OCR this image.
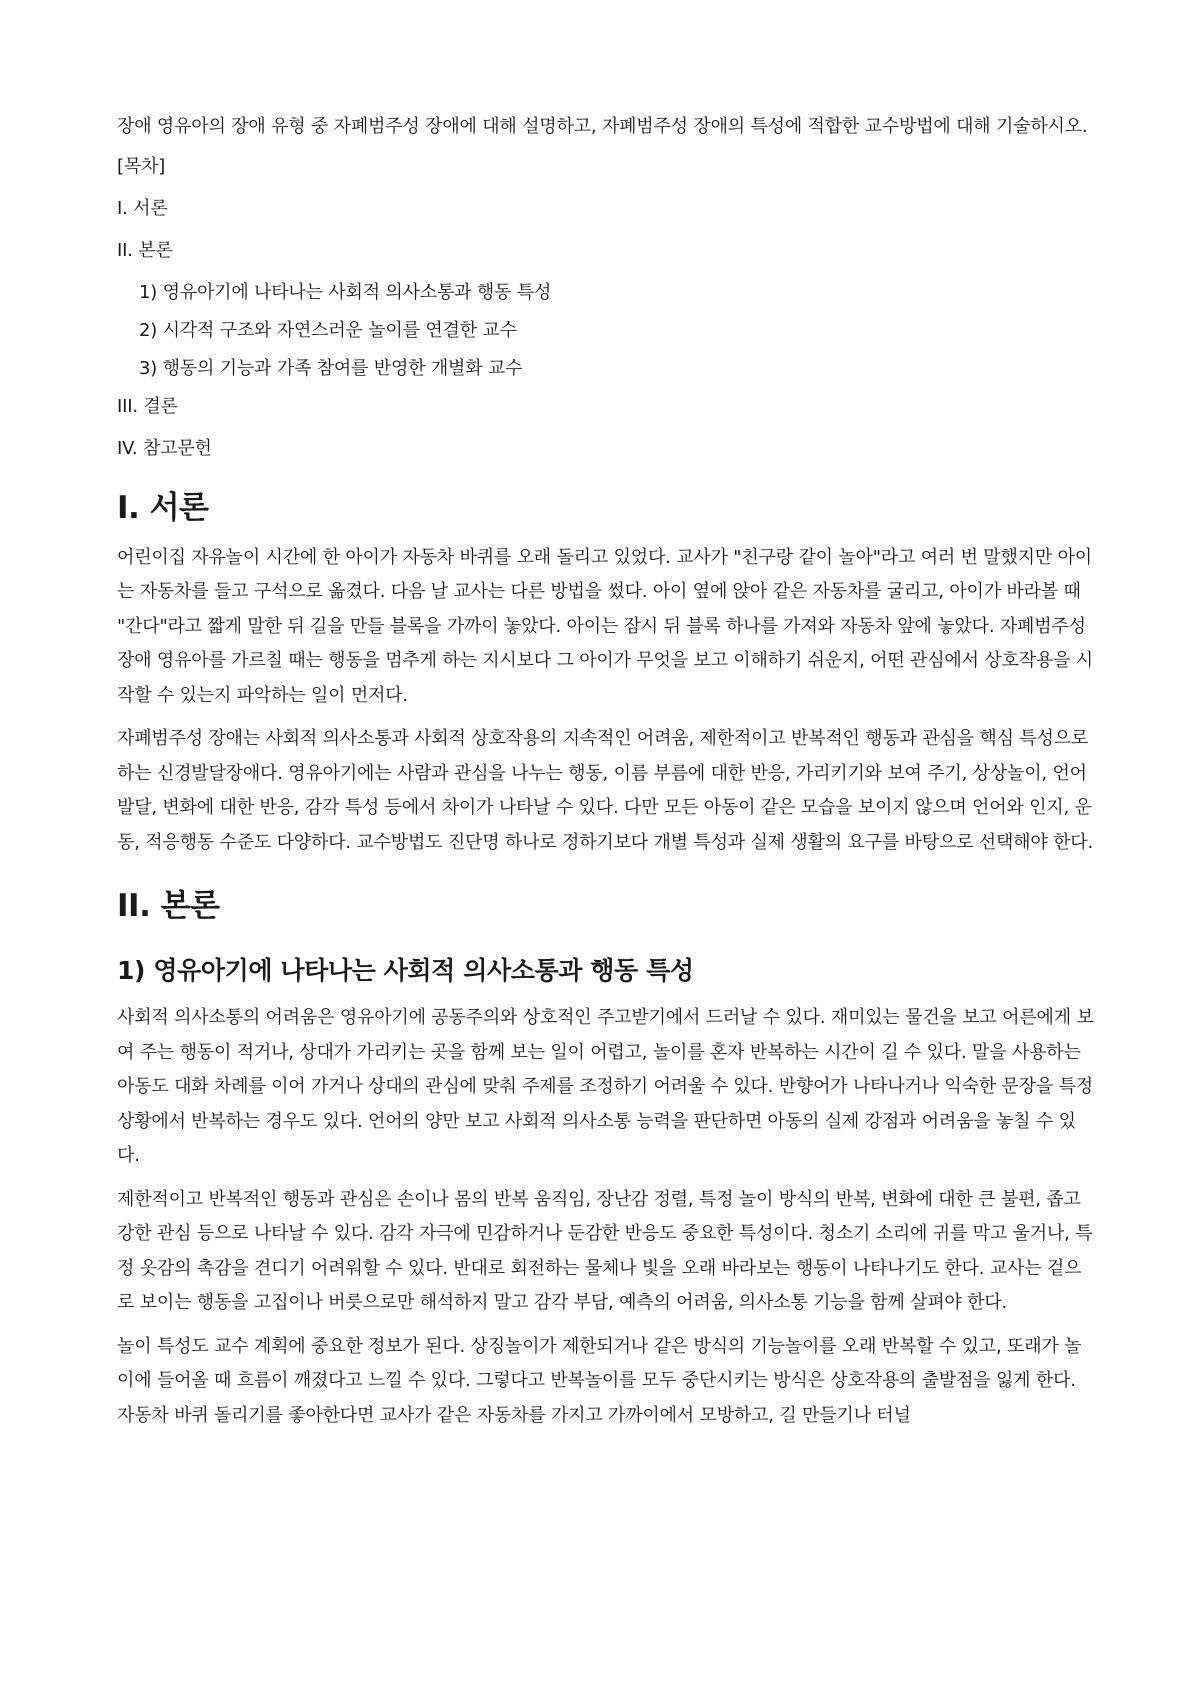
장애 영유아의 장애 유형 중 자폐범주성 장애에 대해 설명하고, 자폐범주성 장애의 특성에 적합한 교수방법에 대해 기술하시오.

[목차]
I. 서론
II. 본론
1) 영유아기에 나타나는 사회적 의사소통과 행동 특성
2) 시각적 구조와 자연스러운 놀이를 연결한 교수
3) 행동의 기능과 가족 참여를 반영한 개별화 교수
III. 결론
IV. 참고문헌
I. 서론

어린이집 자유놀이 시간에 한 아이가 자동차 바퀴를 오래 돌리고 있었다. 교사가 "친구랑 같이 놀아"라고 여러 번 말했지만 아이는 자동차를 들고 구석으로 옮겼다. 다음 날 교사는 다른 방법을 썼다. 아이 옆에 앉아 같은 자동차를 굴리고, 아이가 바라볼 때 "간다"라고 짧게 말한 뒤 길을 만들 블록을 가까이 놓았다. 아이는 잠시 뒤 블록 하나를 가져와 자동차 앞에 놓았다. 자폐범주성 장애 영유아를 가르칠 때는 행동을 멈추게 하는 지시보다 그 아이가 무엇을 보고 이해하기 쉬운지, 어떤 관심에서 상호작용을 시작할 수 있는지 파악하는 일이 먼저다.

자폐범주성 장애는 사회적 의사소통과 사회적 상호작용의 지속적인 어려움, 제한적이고 반복적인 행동과 관심을 핵심 특성으로 하는 신경발달장애다. 영유아기에는 사람과 관심을 나누는 행동, 이름 부름에 대한 반응, 가리키기와 보여 주기, 상상놀이, 언어발달, 변화에 대한 반응, 감각 특성 등에서 차이가 나타날 수 있다. 다만 모든 아동이 같은 모습을 보이지 않으며 언어와 인지, 운동, 적응행동 수준도 다양하다. 교수방법도 진단명 하나로 정하기보다 개별 특성과 실제 생활의 요구를 바탕으로 선택해야 한다.

II. 본론
1) 영유아기에 나타나는 사회적 의사소통과 행동 특성

사회적 의사소통의 어려움은 영유아기에 공동주의와 상호적인 주고받기에서 드러날 수 있다. 재미있는 물건을 보고 어른에게 보여 주는 행동이 적거나, 상대가 가리키는 곳을 함께 보는 일이 어렵고, 놀이를 혼자 반복하는 시간이 길 수 있다. 말을 사용하는 아동도 대화 차례를 이어 가거나 상대의 관심에 맞춰 주제를 조정하기 어려울 수 있다. 반향어가 나타나거나 익숙한 문장을 특정 상황에서 반복하는 경우도 있다. 언어의 양만 보고 사회적 의사소통 능력을 판단하면 아동의 실제 강점과 어려움을 놓칠 수 있다.

제한적이고 반복적인 행동과 관심은 손이나 몸의 반복 움직임, 장난감 정렬, 특정 놀이 방식의 반복, 변화에 대한 큰 불편, 좁고 강한 관심 등으로 나타날 수 있다. 감각 자극에 민감하거나 둔감한 반응도 중요한 특성이다. 청소기 소리에 귀를 막고 울거나, 특정 옷감의 촉감을 견디기 어려워할 수 있다. 반대로 회전하는 물체나 빛을 오래 바라보는 행동이 나타나기도 한다. 교사는 겉으로 보이는 행동을 고집이나 버릇으로만 해석하지 말고 감각 부담, 예측의 어려움, 의사소통 기능을 함께 살펴야 한다.

놀이 특성도 교수 계획에 중요한 정보가 된다. 상징놀이가 제한되거나 같은 방식의 기능놀이를 오래 반복할 수 있고, 또래가 놀이에 들어올 때 흐름이 깨졌다고 느낄 수 있다. 그렇다고 반복놀이를 모두 중단시키는 방식은 상호작용의 출발점을 잃게 한다. 자동차 바퀴 돌리기를 좋아한다면 교사가 같은 자동차를 가지고 가까이에서 모방하고, 길 만들기나 터널
